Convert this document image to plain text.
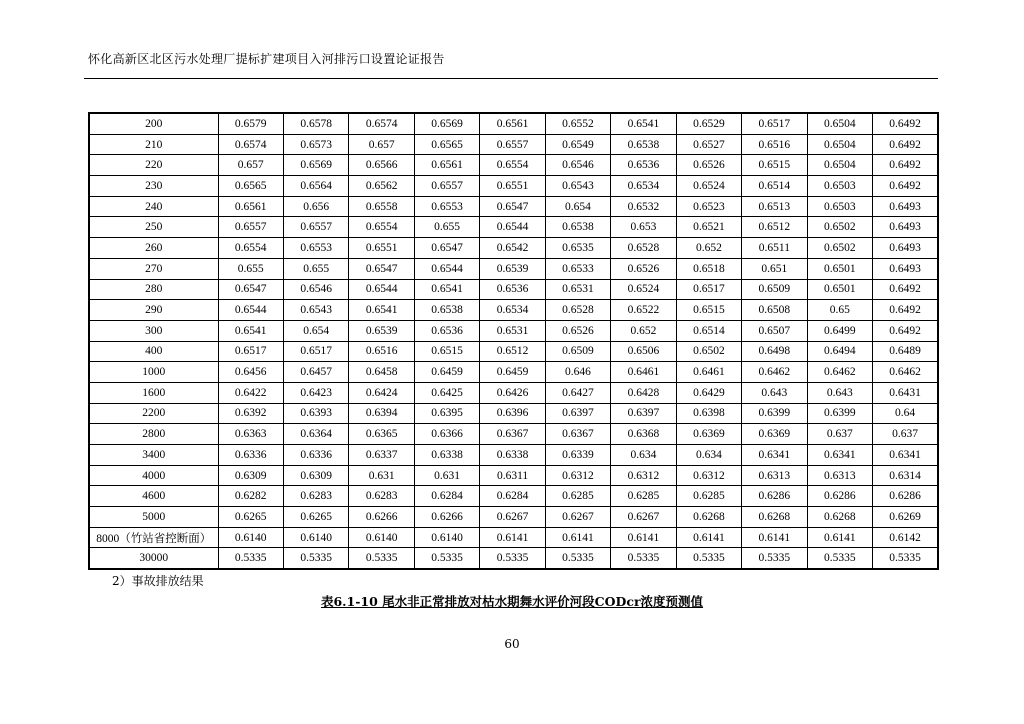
怀化高新区北区污水处理厂提标扩建项目入河排污口设置论证报告
200	0.6579	0.6578	0.6574	0.6569	0.6561	0.6552	0.6541	0.6529	0.6517	0.6504	0.6492
210	0.6574	0.6573	0.657	0.6565	0.6557	0.6549	0.6538	0.6527	0.6516	0.6504	0.6492
220	0.657	0.6569	0.6566	0.6561	0.6554	0.6546	0.6536	0.6526	0.6515	0.6504	0.6492
230	0.6565	0.6564	0.6562	0.6557	0.6551	0.6543	0.6534	0.6524	0.6514	0.6503	0.6492
240	0.6561	0.656	0.6558	0.6553	0.6547	0.654	0.6532	0.6523	0.6513	0.6503	0.6493
250	0.6557	0.6557	0.6554	0.655	0.6544	0.6538	0.653	0.6521	0.6512	0.6502	0.6493
260	0.6554	0.6553	0.6551	0.6547	0.6542	0.6535	0.6528	0.652	0.6511	0.6502	0.6493
270	0.655	0.655	0.6547	0.6544	0.6539	0.6533	0.6526	0.6518	0.651	0.6501	0.6493
280	0.6547	0.6546	0.6544	0.6541	0.6536	0.6531	0.6524	0.6517	0.6509	0.6501	0.6492
290	0.6544	0.6543	0.6541	0.6538	0.6534	0.6528	0.6522	0.6515	0.6508	0.65	0.6492
300	0.6541	0.654	0.6539	0.6536	0.6531	0.6526	0.652	0.6514	0.6507	0.6499	0.6492
400	0.6517	0.6517	0.6516	0.6515	0.6512	0.6509	0.6506	0.6502	0.6498	0.6494	0.6489
1000	0.6456	0.6457	0.6458	0.6459	0.6459	0.646	0.6461	0.6461	0.6462	0.6462	0.6462
1600	0.6422	0.6423	0.6424	0.6425	0.6426	0.6427	0.6428	0.6429	0.643	0.643	0.6431
2200	0.6392	0.6393	0.6394	0.6395	0.6396	0.6397	0.6397	0.6398	0.6399	0.6399	0.64
2800	0.6363	0.6364	0.6365	0.6366	0.6367	0.6367	0.6368	0.6369	0.6369	0.637	0.637
3400	0.6336	0.6336	0.6337	0.6338	0.6338	0.6339	0.634	0.634	0.6341	0.6341	0.6341
4000	0.6309	0.6309	0.631	0.631	0.6311	0.6312	0.6312	0.6312	0.6313	0.6313	0.6314
4600	0.6282	0.6283	0.6283	0.6284	0.6284	0.6285	0.6285	0.6285	0.6286	0.6286	0.6286
5000	0.6265	0.6265	0.6266	0.6266	0.6267	0.6267	0.6267	0.6268	0.6268	0.6268	0.6269
8000（竹站省控断面）	0.6140	0.6140	0.6140	0.6140	0.6141	0.6141	0.6141	0.6141	0.6141	0.6141	0.6142
30000	0.5335	0.5335	0.5335	0.5335	0.5335	0.5335	0.5335	0.5335	0.5335	0.5335	0.5335
2）事故排放结果
表6.1-10 尾水非正常排放对枯水期舞水评价河段CODcr浓度预测值
60
